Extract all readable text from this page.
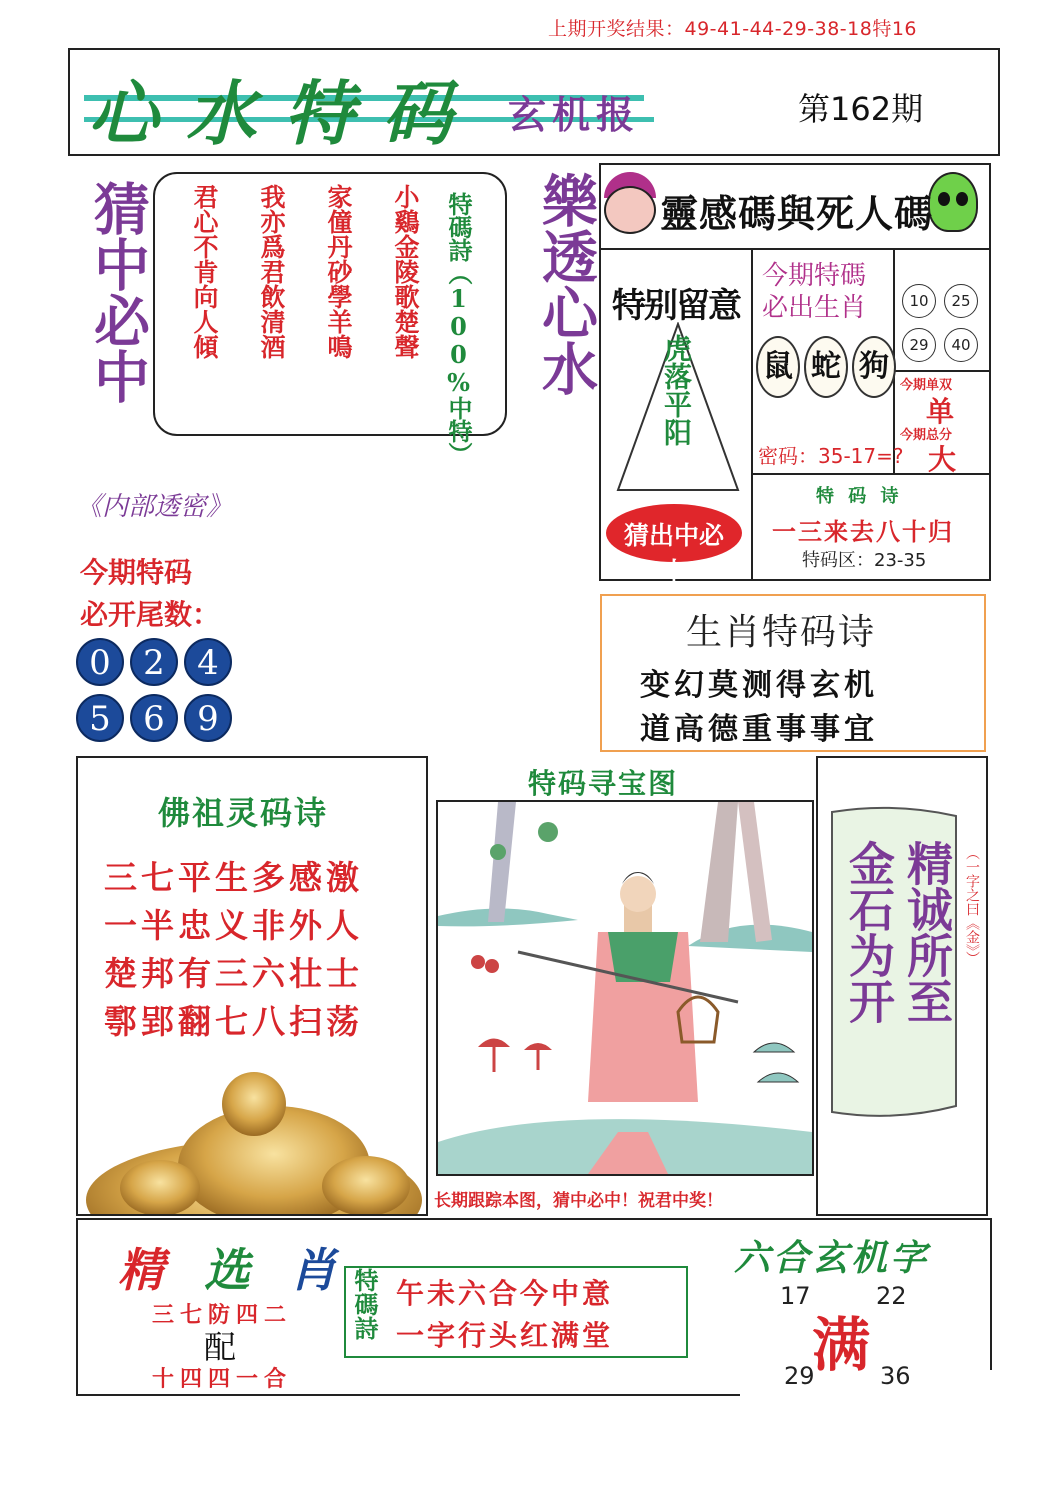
上期开奖结果：49-41-44-29-38-18特16
心水特码 玄机报	第162期
猜中必中	樂透心水
小鷄金陵歌楚聲
家僮丹砂學羊鳴
我亦爲君飲清酒
君心不肯向人傾	特碼詩（100%中特）	靈感碼與死人碼
特别留意
虎落平阳
猜出中必中
今期特碼
必出生肖
鼠 蛇 狗
密码：35-17=?
10	25
29	40
今期单双
单
今期总分
大
特 码 诗
一三来去八十归
特码区：23-35
《内部透密》
今期特码
必开尾数：
0 2 4
5 6 9
生肖特码诗
变幻莫测得玄机
道高德重事事宜
佛祖灵码诗
三七平生多感激
一半忠义非外人
楚邦有三六壮士
鄠郢翻七八扫荡
特码寻宝图
长期跟踪本图，猜中必中！祝君中奖！
精诚所至
金石为开	（一字之曰《金》）
精 选 肖
三七防四二
配
十四四一合
特碼詩 午未六合今中意
一字行头红满堂
六合玄机字
17	22
29	36
满
